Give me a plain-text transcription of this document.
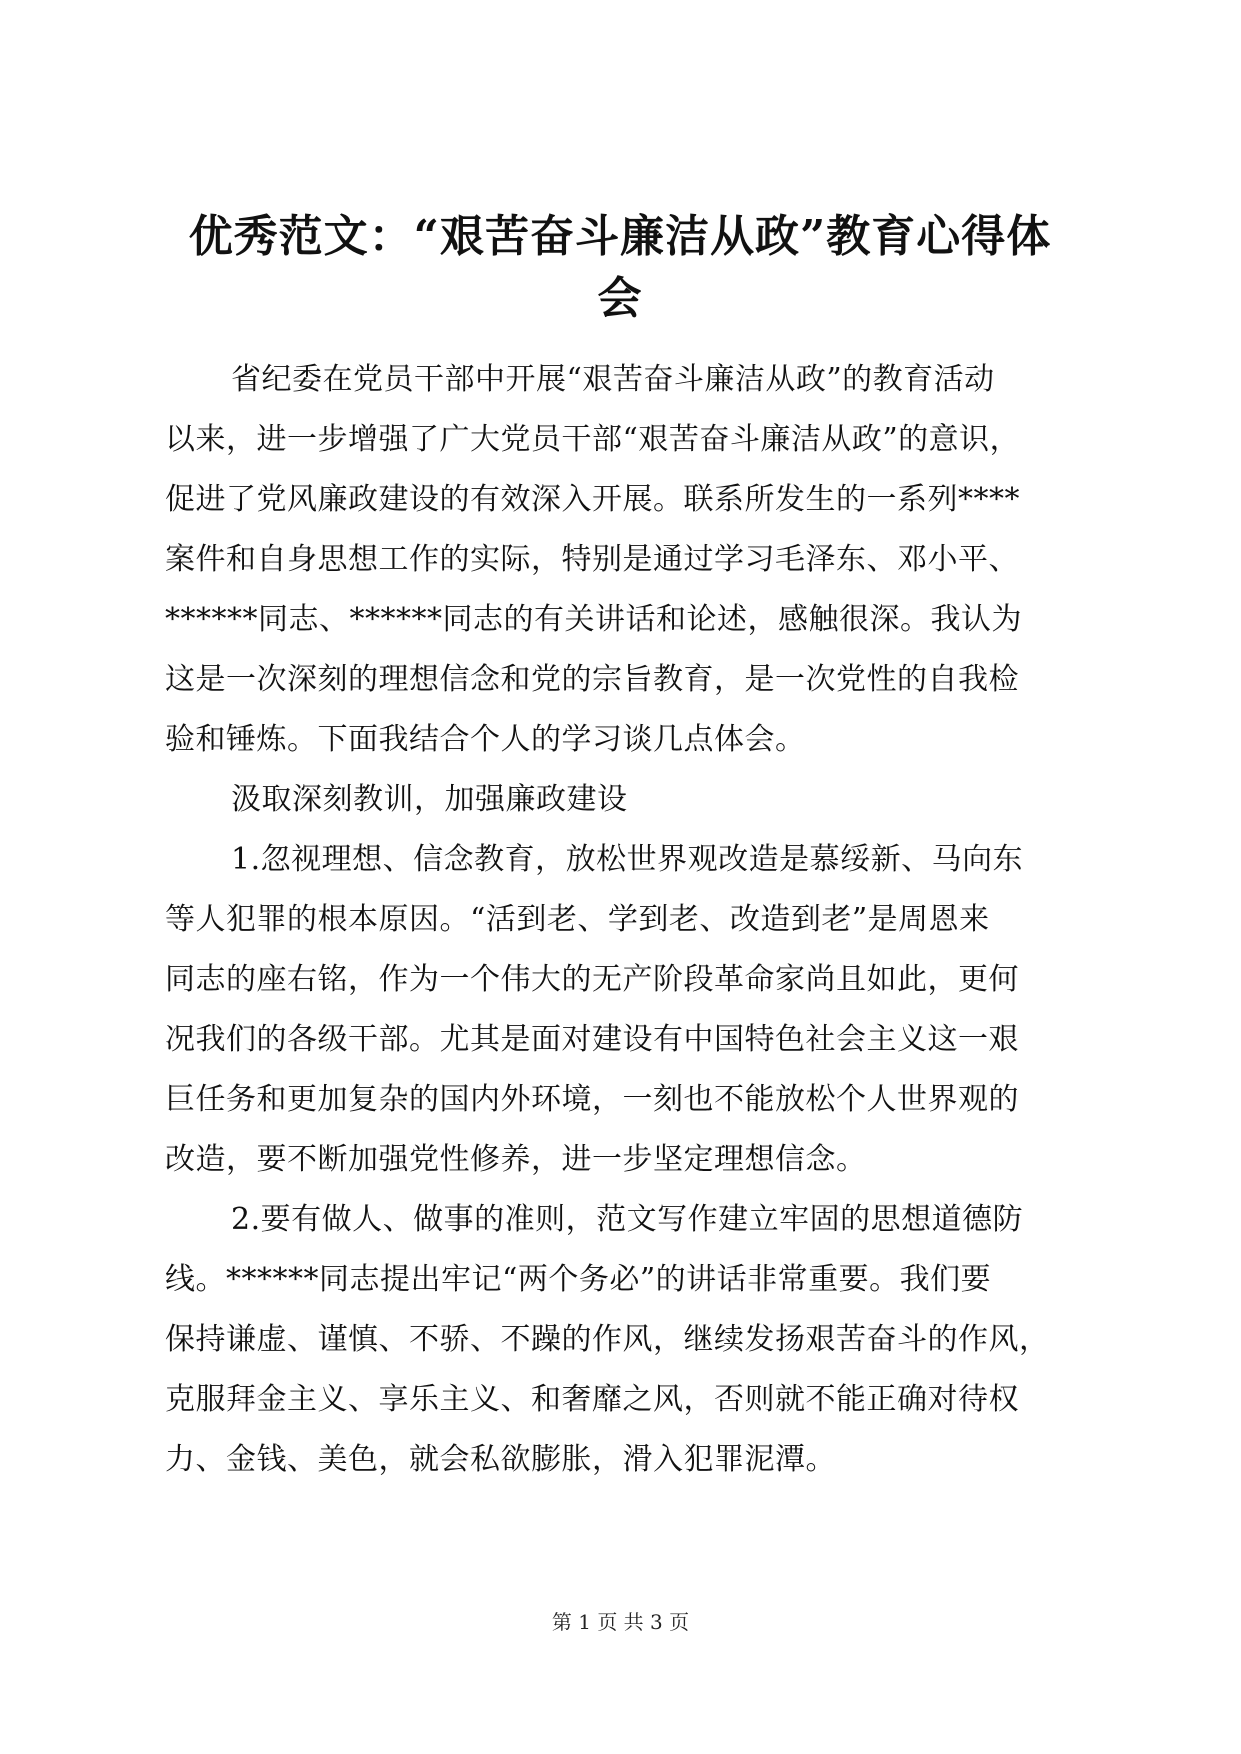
优秀范文：“艰苦奋斗廉洁从政”教育心得体
会
省纪委在党员干部中开展“艰苦奋斗廉洁从政”的教育活动
以来，进一步增强了广大党员干部“艰苦奋斗廉洁从政”的意识，
促进了党风廉政建设的有效深入开展。联系所发生的一系列****
案件和自身思想工作的实际，特别是通过学习毛泽东、邓小平、
******同志、******同志的有关讲话和论述，感触很深。我认为
这是一次深刻的理想信念和党的宗旨教育，是一次党性的自我检
验和锤炼。下面我结合个人的学习谈几点体会。
汲取深刻教训，加强廉政建设
1.忽视理想、信念教育，放松世界观改造是慕绥新、马向东
等人犯罪的根本原因。“活到老、学到老、改造到老”是周恩来
同志的座右铭，作为一个伟大的无产阶段革命家尚且如此，更何
况我们的各级干部。尤其是面对建设有中国特色社会主义这一艰
巨任务和更加复杂的国内外环境，一刻也不能放松个人世界观的
改造，要不断加强党性修养，进一步坚定理想信念。
2.要有做人、做事的准则，范文写作建立牢固的思想道德防
线。******同志提出牢记“两个务必”的讲话非常重要。我们要
保持谦虚、谨慎、不骄、不躁的作风，继续发扬艰苦奋斗的作风，
克服拜金主义、享乐主义、和奢靡之风，否则就不能正确对待权
力、金钱、美色，就会私欲膨胀，滑入犯罪泥潭。
第 1 页 共 3 页
